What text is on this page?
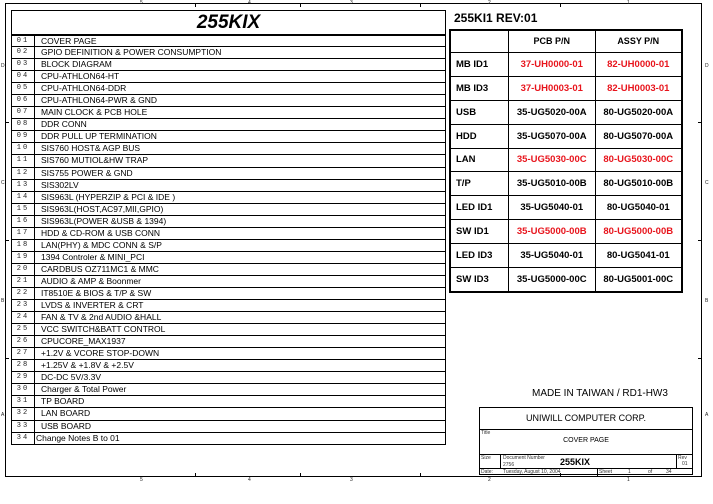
5	4	3	2	1
5	4	3	2	1
D
C
B
A
D
C
B
A
255KIX
01	COVER PAGE
02	GPIO DEFINITION & POWER CONSUMPTION
03	BLOCK DIAGRAM
04	CPU-ATHLON64-HT
05	CPU-ATHLON64-DDR
06	CPU-ATHLON64-PWR & GND
07	MAIN CLOCK & PCB HOLE
08	DDR CONN
09	DDR PULL UP TERMINATION
10	SIS760 HOST& AGP BUS
11	SIS760 MUTIOL&HW TRAP
12	SIS755 POWER & GND
13	SIS302LV
14	SIS963L (HYPERZIP & PCI & IDE )
15	SIS963L(HOST,AC97,MII,GPIO)
16	SIS963L(POWER &USB & 1394)
17	HDD & CD-ROM & USB CONN
18	LAN(PHY) & MDC CONN & S/P
19	1394 Controler & MINI_PCI
20	CARDBUS OZ711MC1 & MMC
21	AUDIO & AMP & Boonmer
22	IT8510E & BIOS & T/P & SW
23	LVDS & INVERTER & CRT
24	FAN & TV & 2nd AUDIO &HALL
25	VCC SWITCH&BATT CONTROL
26	CPUCORE_MAX1937
27	+1.2V & VCORE STOP-DOWN
28	+1.25V & +1.8V & +2.5V
29	DC-DC 5V/3.3V
30	Charger & Total Power
31	TP BOARD
32	LAN BOARD
33	USB BOARD
34 Change Notes B to 01
255KI1 REV:01
	PCB P/N	ASSY P/N
MB ID1	37-UH0000-01	82-UH0000-01
MB ID3	37-UH0003-01	82-UH0003-01
USB	35-UG5020-00A	80-UG5020-00A
HDD	35-UG5070-00A	80-UG5070-00A
LAN	35-UG5030-00C	80-UG5030-00C
T/P	35-UG5010-00B	80-UG5010-00B
LED ID1	35-UG5040-01	80-UG5040-01
SW ID1	35-UG5000-00B	80-UG5000-00B
LED ID3	35-UG5040-01	80-UG5041-01
SW ID3	35-UG5000-00C	80-UG5001-00C
MADE IN TAIWAN / RD1-HW3
UNIWILL COMPUTER CORP.
Title
COVER PAGE
Size Document Number
2756	255KIX	Rev
01
Date: Tuesday, August 10, 2004	Sheet	1	of	34
